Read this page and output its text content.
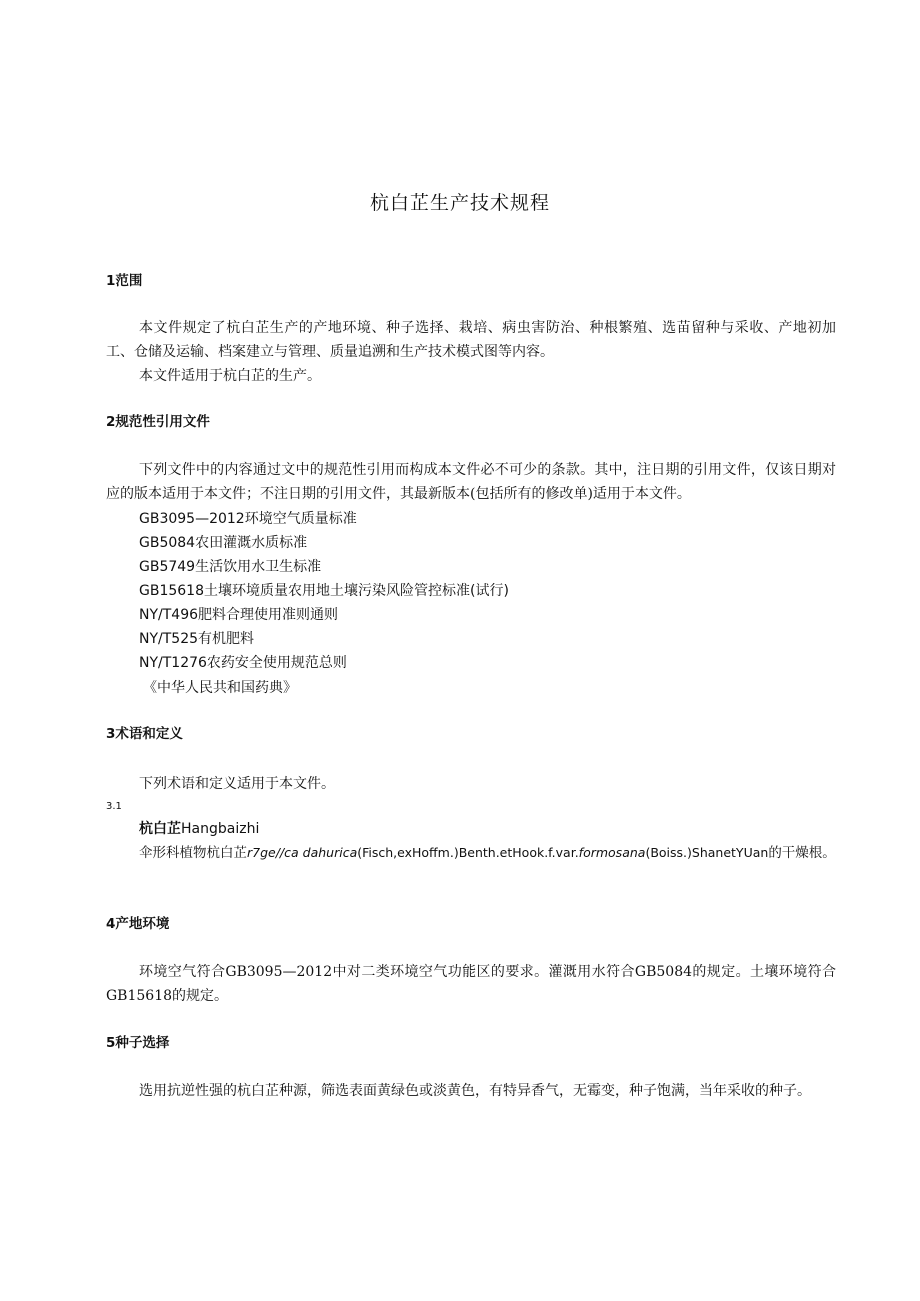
杭白芷生产技术规程
1范围

本文件规定了杭白芷生产的产地环境、种子选择、栽培、病虫害防治、种根繁殖、选苗留种与采收、产地初加工、仓储及运输、档案建立与管理、质量追溯和生产技术模式图等内容。

本文件适用于杭白芷的生产。

2规范性引用文件

下列文件中的内容通过文中的规范性引用而构成本文件必不可少的条款。其中，注日期的引用文件，仅该日期对应的版本适用于本文件；不注日期的引用文件，其最新版本(包括所有的修改单)适用于本文件。

GB3095—2012环境空气质量标准
GB5084农田灌溉水质标准
GB5749生活饮用水卫生标准
GB15618土壤环境质量农用地土壤污染风险管控标准(试行)
NY/T496肥料合理使用准则通则
NY/T525有机肥料
NY/T1276农药安全使用规范总则
《中华人民共和国药典》
3术语和定义

下列术语和定义适用于本文件。

3.1
杭白芷Hangbaizhi

伞形科植物杭白芷r7ge//ca dahurica(Fisch,exHoffm.)Benth.etHook.f.var.formosana(Boiss.)ShanetYUan的干燥根。

4产地环境

环境空气符合GB3095—2012中对二类环境空气功能区的要求。灌溉用水符合GB5084的规定。土壤环境符合GB15618的规定。

5种子选择

选用抗逆性强的杭白芷种源，筛选表面黄绿色或淡黄色，有特异香气，无霉变，种子饱满，当年采收的种子。
